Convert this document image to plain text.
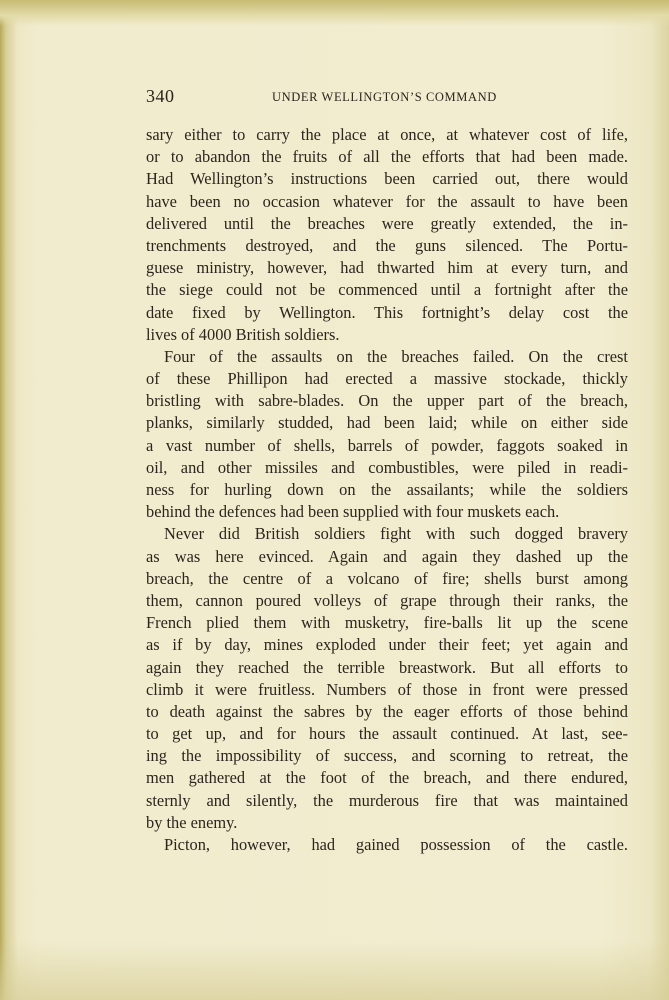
340	UNDER WELLINGTON’S COMMAND
sary either to carry the place at once, at whatever cost of life,
or to abandon the fruits of all the efforts that had been made.
Had Wellington’s instructions been carried out, there would
have been no occasion whatever for the assault to have been
delivered until the breaches were greatly extended, the in-
trenchments destroyed, and the guns silenced. The Portu-
guese ministry, however, had thwarted him at every turn, and
the siege could not be commenced until a fortnight after the
date fixed by Wellington. This fortnight’s delay cost the
lives of 4000 British soldiers.
Four of the assaults on the breaches failed. On the crest
of these Phillipon had erected a massive stockade, thickly
bristling with sabre-blades. On the upper part of the breach,
planks, similarly studded, had been laid; while on either side
a vast number of shells, barrels of powder, faggots soaked in
oil, and other missiles and combustibles, were piled in readi-
ness for hurling down on the assailants; while the soldiers
behind the defences had been supplied with four muskets each.
Never did British soldiers fight with such dogged bravery
as was here evinced. Again and again they dashed up the
breach, the centre of a volcano of fire; shells burst among
them, cannon poured volleys of grape through their ranks, the
French plied them with musketry, fire-balls lit up the scene
as if by day, mines exploded under their feet; yet again and
again they reached the terrible breastwork. But all efforts to
climb it were fruitless. Numbers of those in front were pressed
to death against the sabres by the eager efforts of those behind
to get up, and for hours the assault continued. At last, see-
ing the impossibility of success, and scorning to retreat, the
men gathered at the foot of the breach, and there endured,
sternly and silently, the murderous fire that was maintained
by the enemy.
Picton, however, had gained possession of the castle.
